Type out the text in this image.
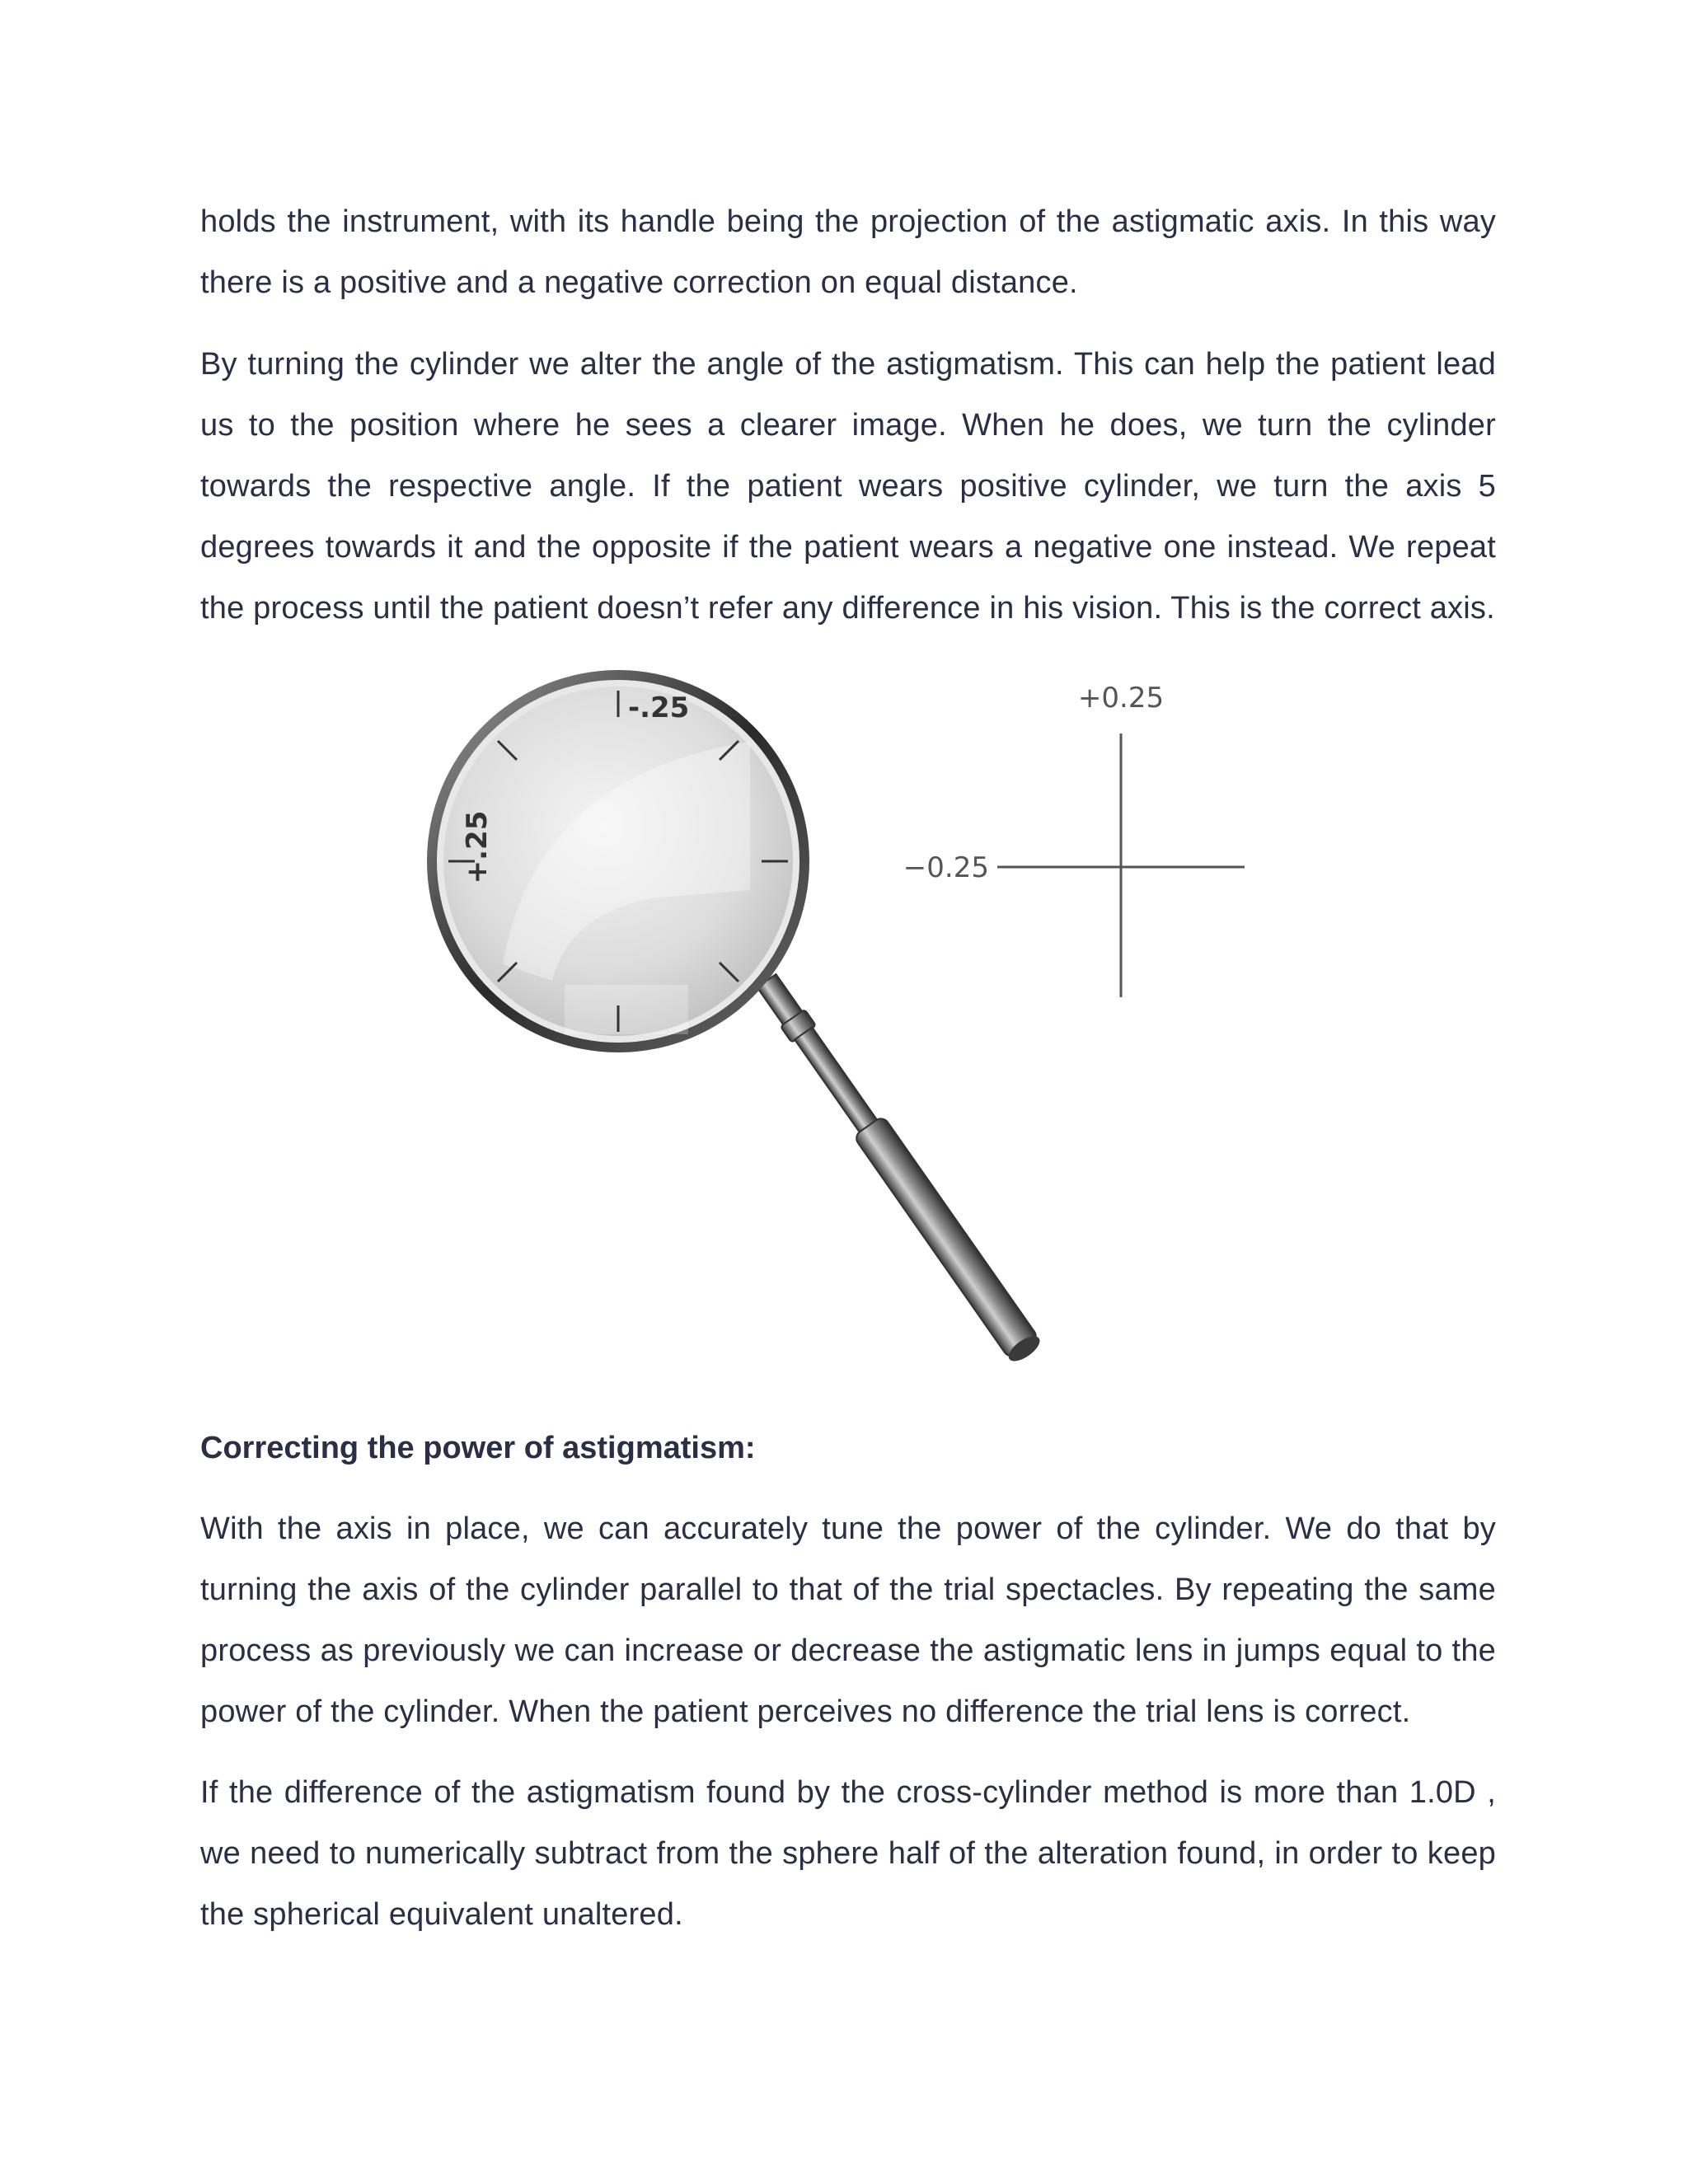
holds the instrument, with its handle being the projection of the astigmatic axis. In this way there is a positive and a negative correction on equal distance.

By turning the cylinder we alter the angle of the astigmatism. This can help the patient lead us to the position where he sees a clearer image. When he does, we turn the cylinder towards the respective angle. If the patient wears positive cylinder, we turn the axis 5 degrees towards it and the opposite if the patient wears a negative one instead. We repeat the process until the patient doesn’t refer any difference in his vision. This is the correct axis.

-.25
+.25
+0.25
−0.25
Correcting the power of astigmatism:

With the axis in place, we can accurately tune the power of the cylinder. We do that by turning the axis of the cylinder parallel to that of the trial spectacles. By repeating the same process as previously we can increase or decrease the astigmatic lens in jumps equal to the power of the cylinder. When the patient perceives no difference the trial lens is correct.

If the difference of the astigmatism found by the cross-cylinder method is more than 1.0D , we need to numerically subtract from the sphere half of the alteration found, in order to keep the spherical equivalent unaltered.
